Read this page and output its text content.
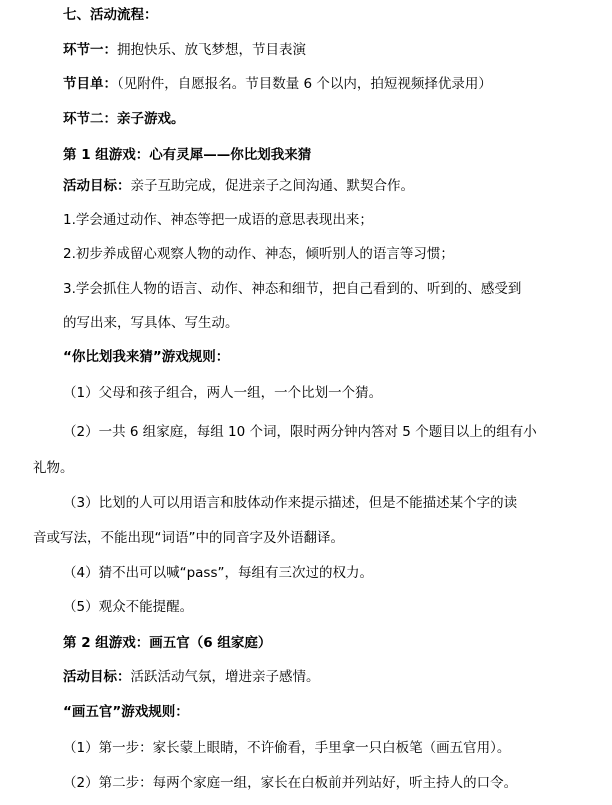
七、活动流程：
环节一：拥抱快乐、放飞梦想，节目表演
节目单：（见附件，自愿报名。节目数量 6 个以内，拍短视频择优录用）
环节二：亲子游戏。
第 1 组游戏：心有灵犀——你比划我来猜
活动目标：亲子互助完成，促进亲子之间沟通、默契合作。
1.学会通过动作、神态等把一成语的意思表现出来；
2.初步养成留心观察人物的动作、神态，倾听别人的语言等习惯；
3.学会抓住人物的语言、动作、神态和细节，把自己看到的、听到的、感受到
的写出来，写具体、写生动。
“你比划我来猜”游戏规则：
（1）父母和孩子组合，两人一组，一个比划一个猜。
（2）一共 6 组家庭，每组 10 个词，限时两分钟内答对 5 个题目以上的组有小
礼物。
（3）比划的人可以用语言和肢体动作来提示描述，但是不能描述某个字的读
音或写法，不能出现“词语”中的同音字及外语翻译。
（4）猜不出可以喊“pass”，每组有三次过的权力。
（5）观众不能提醒。
第 2 组游戏：画五官（6 组家庭）
活动目标：活跃活动气氛，增进亲子感情。
“画五官”游戏规则：
（1）第一步：家长蒙上眼睛，不许偷看，手里拿一只白板笔（画五官用）。
（2）第二步：每两个家庭一组，家长在白板前并列站好，听主持人的口令。
